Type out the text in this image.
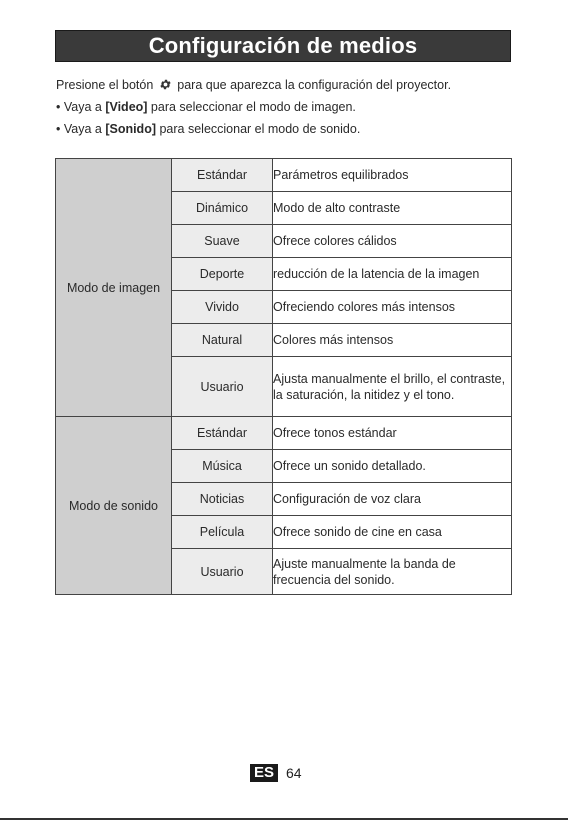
Configuración de medios

Presione el botón para que aparezca la configuración del proyector.

• Vaya a [Video] para seleccionar el modo de imagen.

• Vaya a [Sonido] para seleccionar el modo de sonido.

Modo de imagen	Estándar	Parámetros equilibrados
	Dinámico	Modo de alto contraste
	Suave	Ofrece colores cálidos
	Deporte	reducción de la latencia de la imagen
	Vivido	Ofreciendo colores más intensos
	Natural	Colores más intensos
	Usuario	Ajusta manualmente el brillo, el contraste, la saturación, la nitidez y el tono.
Modo de sonido	Estándar	Ofrece tonos estándar
	Música	Ofrece un sonido detallado.
	Noticias	Configuración de voz clara
	Película	Ofrece sonido de cine en casa
	Usuario	Ajuste manualmente la banda de frecuencia del sonido.
ES 64
